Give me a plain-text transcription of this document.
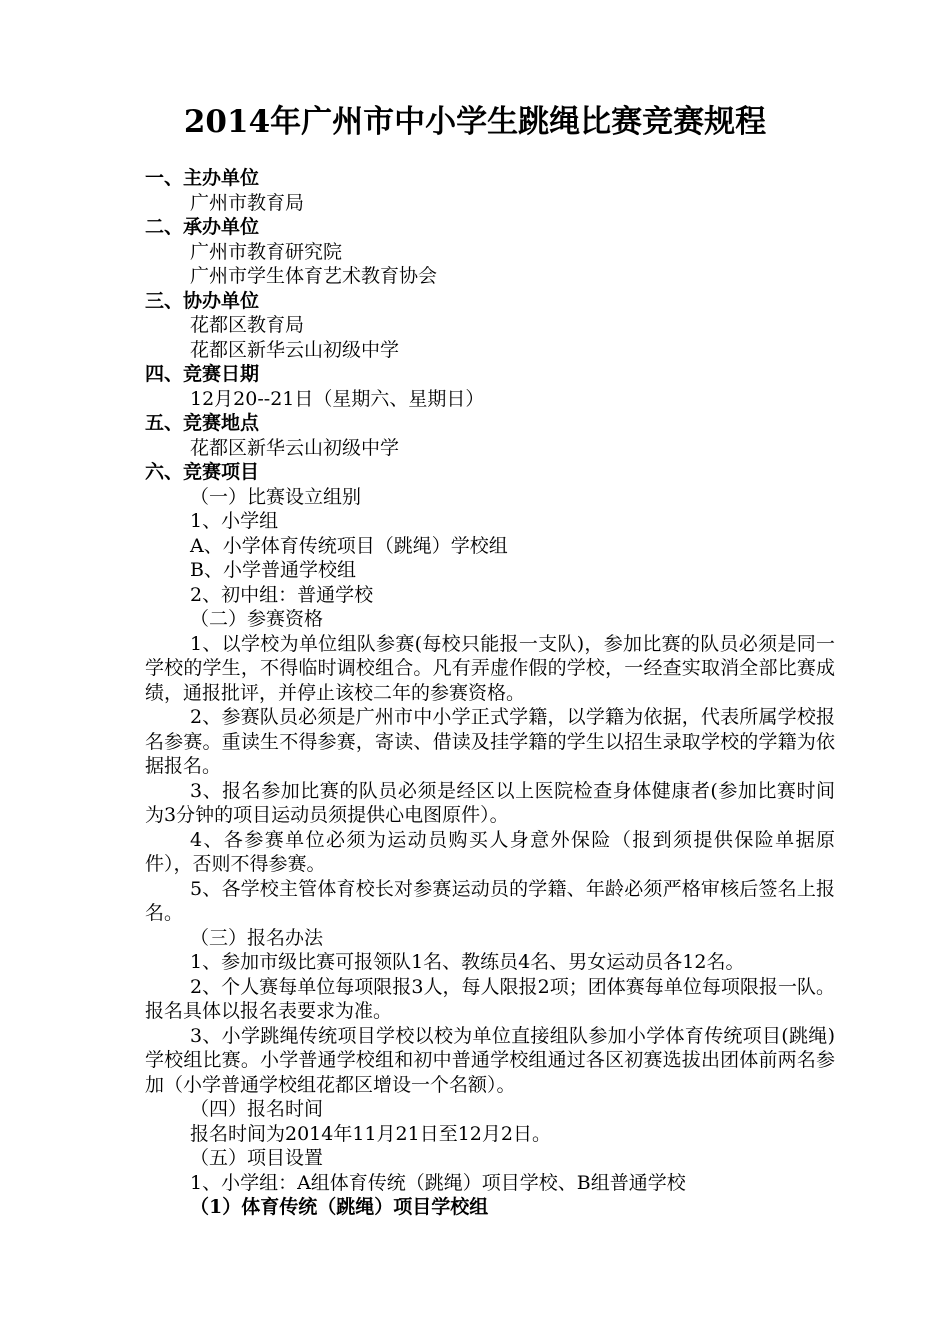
2014年广州市中小学生跳绳比赛竞赛规程
一、主办单位
广州市教育局
二、承办单位
广州市教育研究院
广州市学生体育艺术教育协会
三、协办单位
花都区教育局
花都区新华云山初级中学
四、竞赛日期
12月20--21日（星期六、星期日）
五、竞赛地点
花都区新华云山初级中学
六、竞赛项目
（一）比赛设立组别
1、小学组
A、小学体育传统项目（跳绳）学校组
B、小学普通学校组
2、初中组：普通学校
（二）参赛资格
1、以学校为单位组队参赛(每校只能报一支队)，参加比赛的队员必须是同一学校的学生，不得临时调校组合。凡有弄虚作假的学校，一经查实取消全部比赛成绩，通报批评，并停止该校二年的参赛资格。
2、参赛队员必须是广州市中小学正式学籍，以学籍为依据，代表所属学校报名参赛。重读生不得参赛，寄读、借读及挂学籍的学生以招生录取学校的学籍为依据报名。
3、报名参加比赛的队员必须是经区以上医院检查身体健康者(参加比赛时间为3分钟的项目运动员须提供心电图原件）。
4、各参赛单位必须为运动员购买人身意外保险（报到须提供保险单据原件），否则不得参赛。
5、各学校主管体育校长对参赛运动员的学籍、年龄必须严格审核后签名上报名。
（三）报名办法
1、参加市级比赛可报领队1名、教练员4名、男女运动员各12名。
2、个人赛每单位每项限报3人，每人限报2项；团体赛每单位每项限报一队。报名具体以报名表要求为准。
3、小学跳绳传统项目学校以校为单位直接组队参加小学体育传统项目(跳绳)学校组比赛。小学普通学校组和初中普通学校组通过各区初赛选拔出团体前两名参加（小学普通学校组花都区增设一个名额）。
（四）报名时间
报名时间为2014年11月21日至12月2日。
（五）项目设置
1、小学组：A组体育传统（跳绳）项目学校、B组普通学校
（1）体育传统（跳绳）项目学校组
